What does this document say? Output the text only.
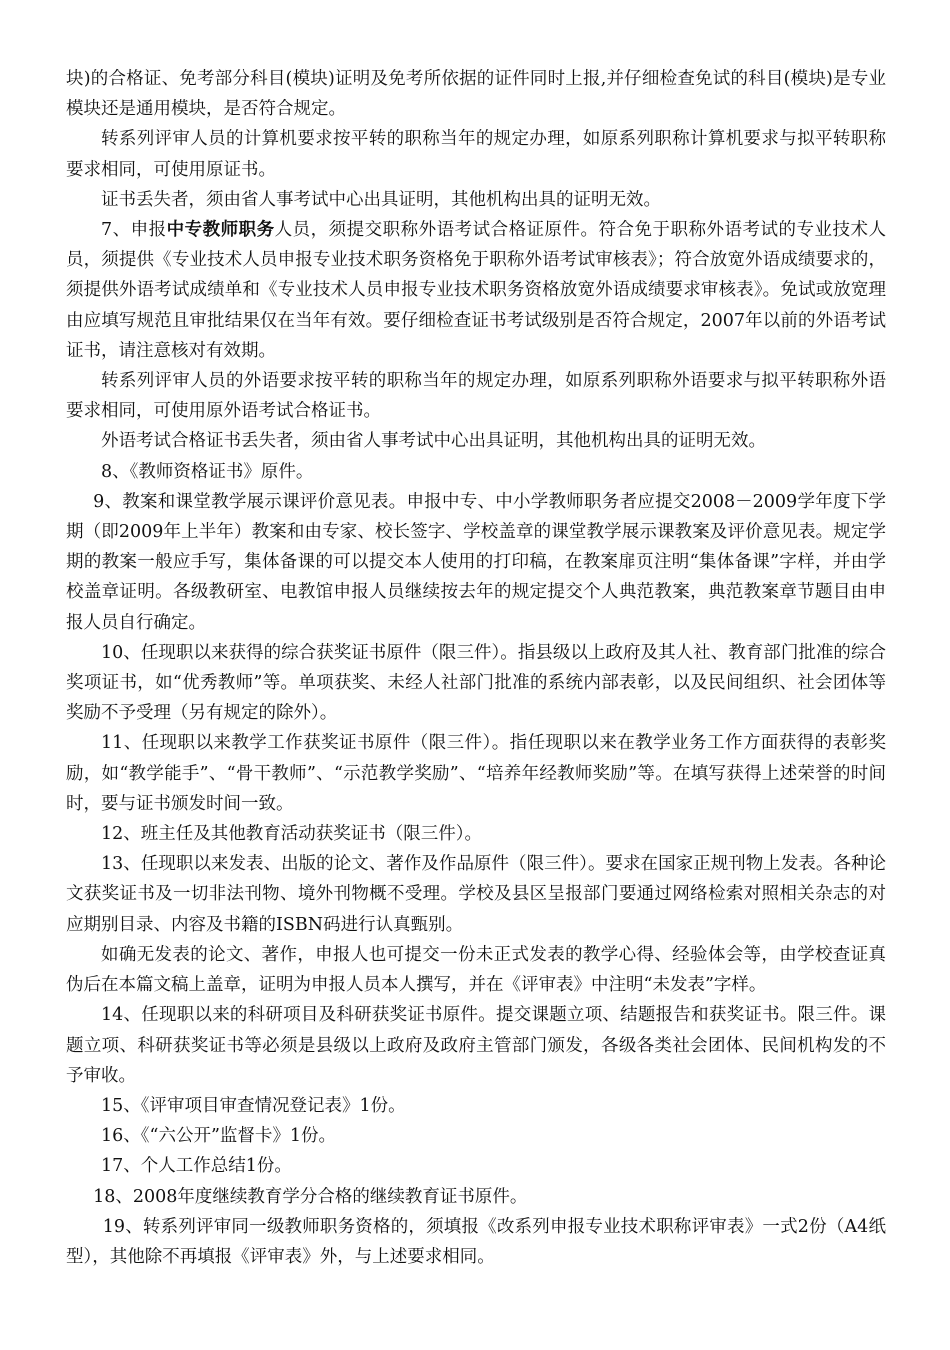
块)的合格证、免考部分科目(模块)证明及免考所依据的证件同时上报,并仔细检查免试的科目(模块)是专业模块还是通用模块，是否符合规定。

转系列评审人员的计算机要求按平转的职称当年的规定办理，如原系列职称计算机要求与拟平转职称要求相同，可使用原证书。

证书丢失者，须由省人事考试中心出具证明，其他机构出具的证明无效。

7、申报中专教师职务人员，须提交职称外语考试合格证原件。符合免于职称外语考试的专业技术人员，须提供《专业技术人员申报专业技术职务资格免于职称外语考试审核表》；符合放宽外语成绩要求的，须提供外语考试成绩单和《专业技术人员申报专业技术职务资格放宽外语成绩要求审核表》。免试或放宽理由应填写规范且审批结果仅在当年有效。要仔细检查证书考试级别是否符合规定，2007年以前的外语考试证书，请注意核对有效期。

转系列评审人员的外语要求按平转的职称当年的规定办理，如原系列职称外语要求与拟平转职称外语要求相同，可使用原外语考试合格证书。

外语考试合格证书丢失者，须由省人事考试中心出具证明，其他机构出具的证明无效。

8、《教师资格证书》原件。

9、教案和课堂教学展示课评价意见表。申报中专、中小学教师职务者应提交2008－2009学年度下学期（即2009年上半年）教案和由专家、校长签字、学校盖章的课堂教学展示课教案及评价意见表。规定学期的教案一般应手写，集体备课的可以提交本人使用的打印稿，在教案扉页注明“集体备课”字样，并由学校盖章证明。各级教研室、电教馆申报人员继续按去年的规定提交个人典范教案，典范教案章节题目由申报人员自行确定。

10、任现职以来获得的综合获奖证书原件（限三件）。指县级以上政府及其人社、教育部门批准的综合奖项证书，如“优秀教师”等。单项获奖、未经人社部门批准的系统内部表彰，以及民间组织、社会团体等奖励不予受理（另有规定的除外）。

11、任现职以来教学工作获奖证书原件（限三件）。指任现职以来在教学业务工作方面获得的表彰奖励，如“教学能手”、“骨干教师”、“示范教学奖励”、“培养年经教师奖励”等。在填写获得上述荣誉的时间时，要与证书颁发时间一致。

12、班主任及其他教育活动获奖证书（限三件）。

13、任现职以来发表、出版的论文、著作及作品原件（限三件）。要求在国家正规刊物上发表。各种论文获奖证书及一切非法刊物、境外刊物概不受理。学校及县区呈报部门要通过网络检索对照相关杂志的对应期别目录、内容及书籍的ISBN码进行认真甄别。

如确无发表的论文、著作，申报人也可提交一份未正式发表的教学心得、经验体会等，由学校查证真伪后在本篇文稿上盖章，证明为申报人员本人撰写，并在《评审表》中注明“未发表”字样。

14、任现职以来的科研项目及科研获奖证书原件。提交课题立项、结题报告和获奖证书。限三件。课题立项、科研获奖证书等必须是县级以上政府及政府主管部门颁发，各级各类社会团体、民间机构发的不予审收。

15、《评审项目审查情况登记表》1份。

16、《“六公开”监督卡》1份。

17、个人工作总结1份。

18、2008年度继续教育学分合格的继续教育证书原件。

19、转系列评审同一级教师职务资格的，须填报《改系列申报专业技术职称评审表》一式2份（A4纸型），其他除不再填报《评审表》外，与上述要求相同。
